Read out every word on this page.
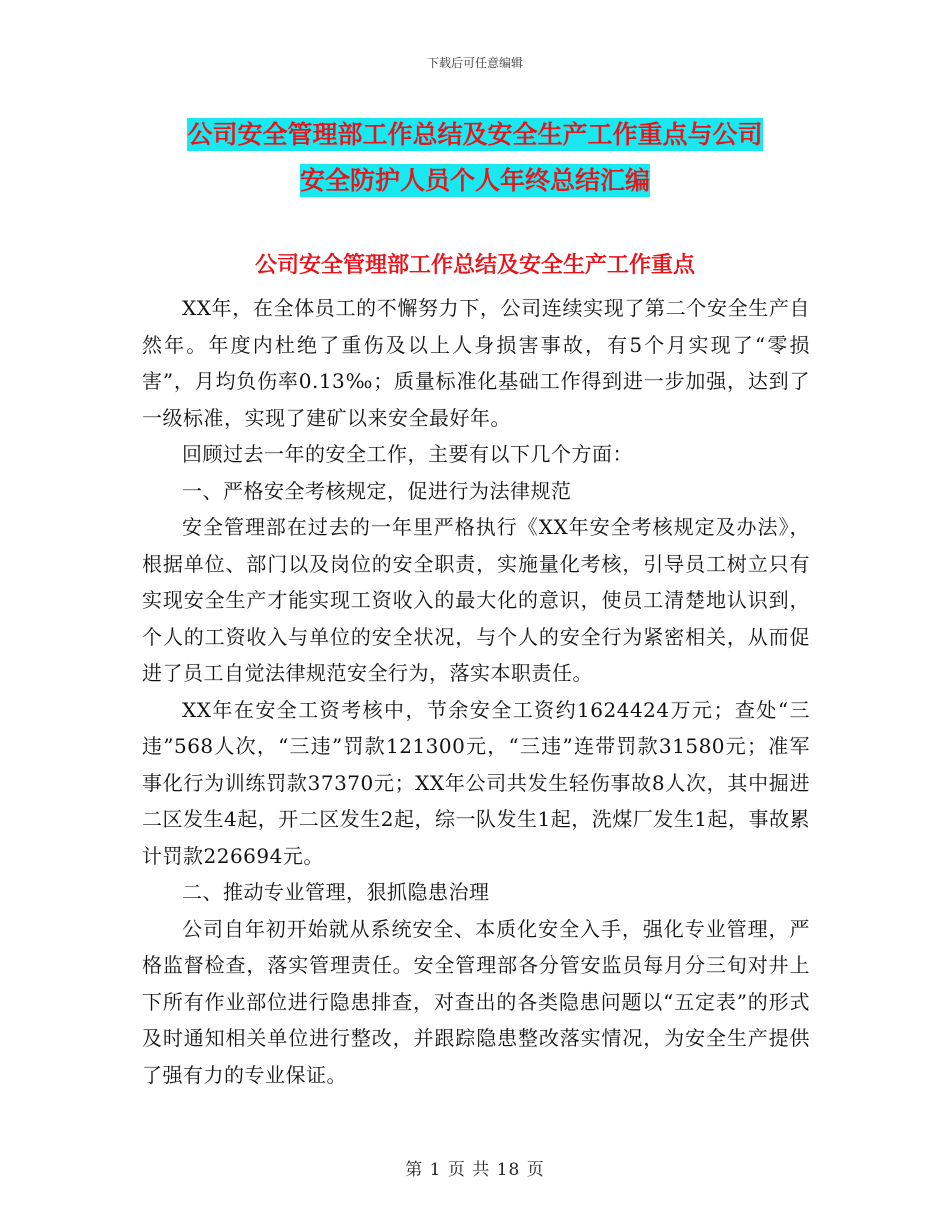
下载后可任意编辑
公司安全管理部工作总结及安全生产工作重点与公司
安全防护人员个人年终总结汇编
公司安全管理部工作总结及安全生产工作重点

XX年，在全体员工的不懈努力下，公司连续实现了第二个安全生产自然年。年度内杜绝了重伤及以上人身损害事故，有5个月实现了“零损害”，月均负伤率0.13‰；质量标准化基础工作得到进一步加强，达到了一级标准，实现了建矿以来安全最好年。

回顾过去一年的安全工作，主要有以下几个方面：

一、严格安全考核规定，促进行为法律规范

安全管理部在过去的一年里严格执行《XX年安全考核规定及办法》，根据单位、部门以及岗位的安全职责，实施量化考核，引导员工树立只有实现安全生产才能实现工资收入的最大化的意识，使员工清楚地认识到，个人的工资收入与单位的安全状况，与个人的安全行为紧密相关，从而促进了员工自觉法律规范安全行为，落实本职责任。

XX年在安全工资考核中，节余安全工资约1624424万元；查处“三违”568人次，“三违”罚款121300元，“三违”连带罚款31580元；准军事化行为训练罚款37370元；XX年公司共发生轻伤事故8人次，其中掘进二区发生4起，开二区发生2起，综一队发生1起，洗煤厂发生1起，事故累计罚款226694元。

二、推动专业管理，狠抓隐患治理

公司自年初开始就从系统安全、本质化安全入手，强化专业管理，严格监督检查，落实管理责任。安全管理部各分管安监员每月分三旬对井上下所有作业部位进行隐患排查，对查出的各类隐患问题以“五定表”的形式及时通知相关单位进行整改，并跟踪隐患整改落实情况，为安全生产提供了强有力的专业保证。

第 1 页 共 18 页
